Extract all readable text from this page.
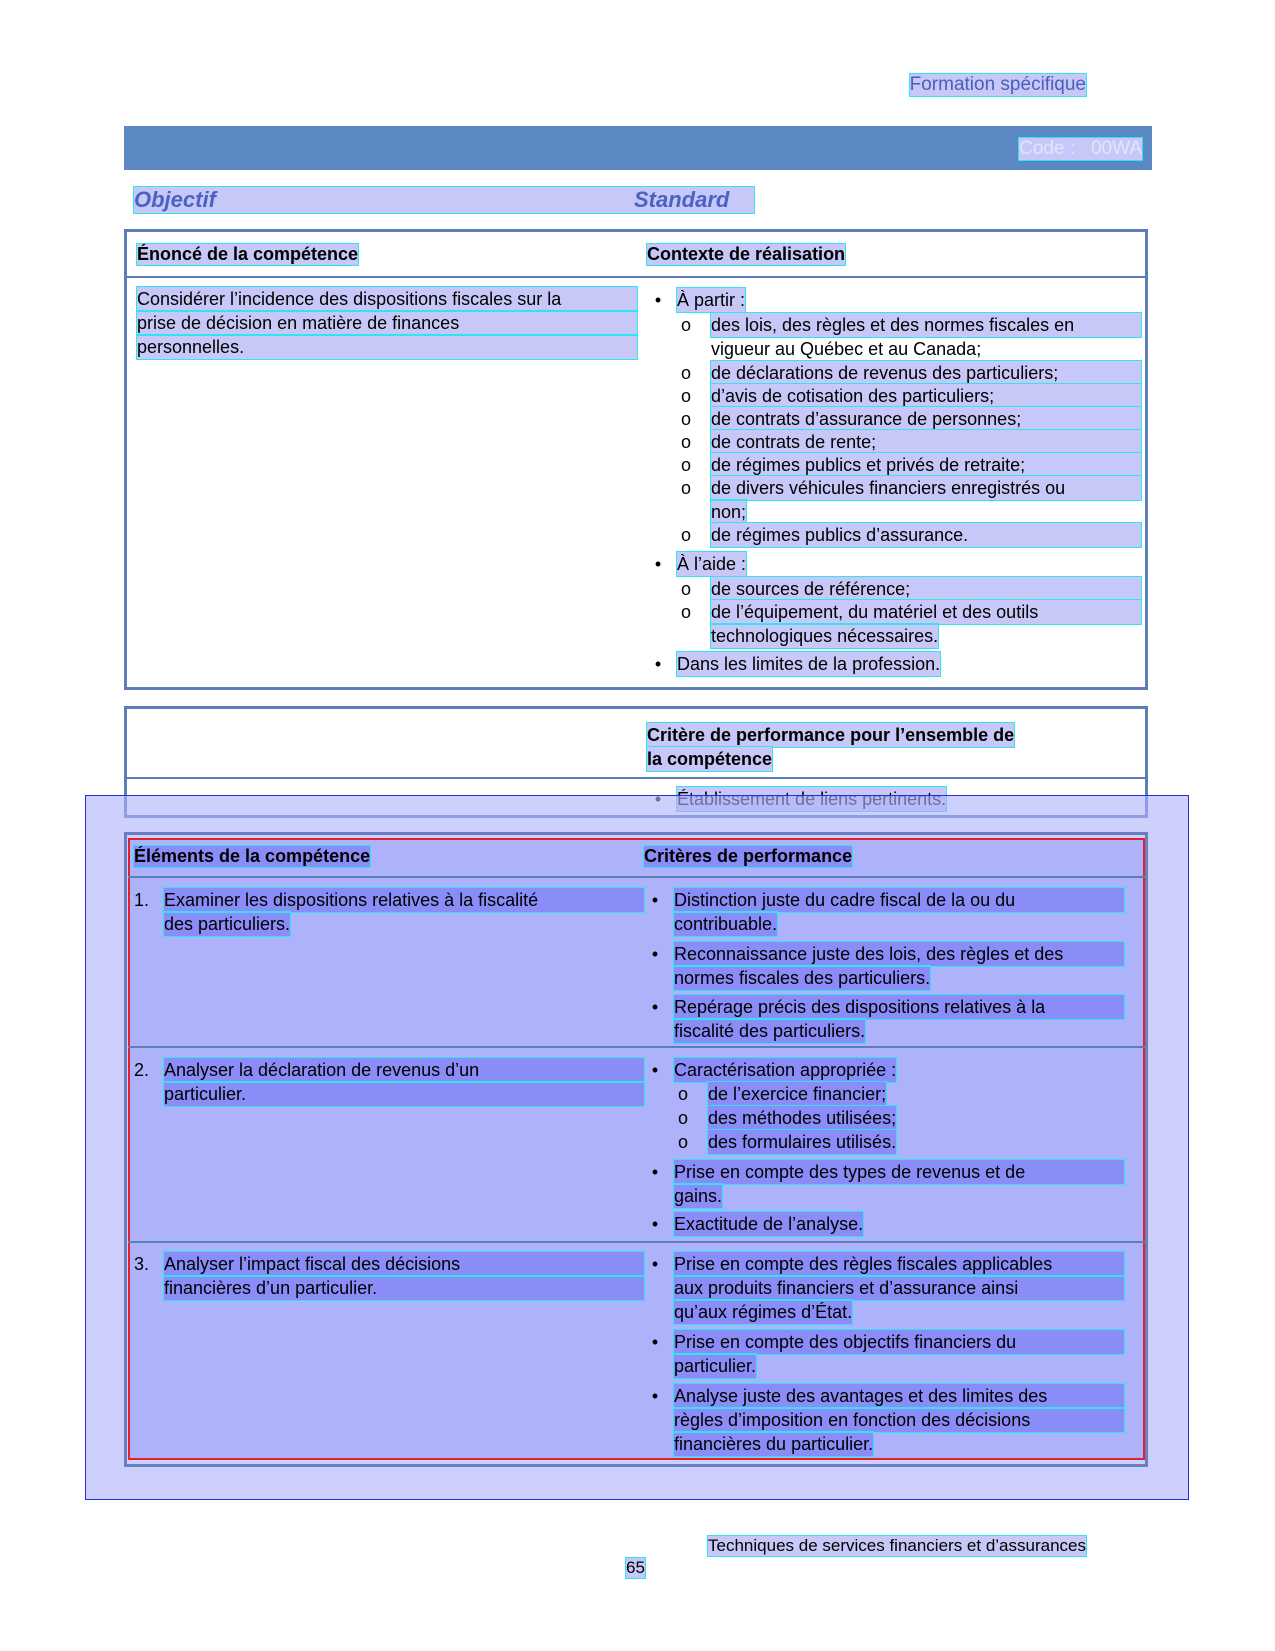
Formation spécifique
Code : 00WA
Objectif	Standard
Énoncé de la compétence	Contexte de réalisation
Considérer l’incidence des dispositions fiscales sur la
prise de décision en matière de finances
personnelles.
• À partir :
o des lois, des règles et des normes fiscales en
vigueur au Québec et au Canada;
o de déclarations de revenus des particuliers;
o d’avis de cotisation des particuliers;
o de contrats d’assurance de personnes;
o de contrats de rente;
o de régimes publics et privés de retraite;
o de divers véhicules financiers enregistrés ou
non;
o de régimes publics d’assurance.
• À l’aide :
o de sources de référence;
o de l’équipement, du matériel et des outils
technologiques nécessaires.
• Dans les limites de la profession.
Critère de performance pour l’ensemble de
la compétence
Éléments de la compétence	Critères de performance
1. Examiner les dispositions relatives à la fiscalité
des particuliers.
• Distinction juste du cadre fiscal de la ou du
contribuable.
• Reconnaissance juste des lois, des règles et des
normes fiscales des particuliers.
• Repérage précis des dispositions relatives à la
fiscalité des particuliers.
2. Analyser la déclaration de revenus d’un
particulier.
• Caractérisation appropriée :
o de l’exercice financier;
o des méthodes utilisées;
o des formulaires utilisés.
• Prise en compte des types de revenus et de
gains.
• Exactitude de l’analyse.
3. Analyser l’impact fiscal des décisions
financières d’un particulier.
• Prise en compte des règles fiscales applicables
aux produits financiers et d’assurance ainsi
qu’aux régimes d’État.
• Prise en compte des objectifs financiers du
particulier.
• Analyse juste des avantages et des limites des
règles d’imposition en fonction des décisions
financières du particulier.
Techniques de services financiers et d’assurances
65
